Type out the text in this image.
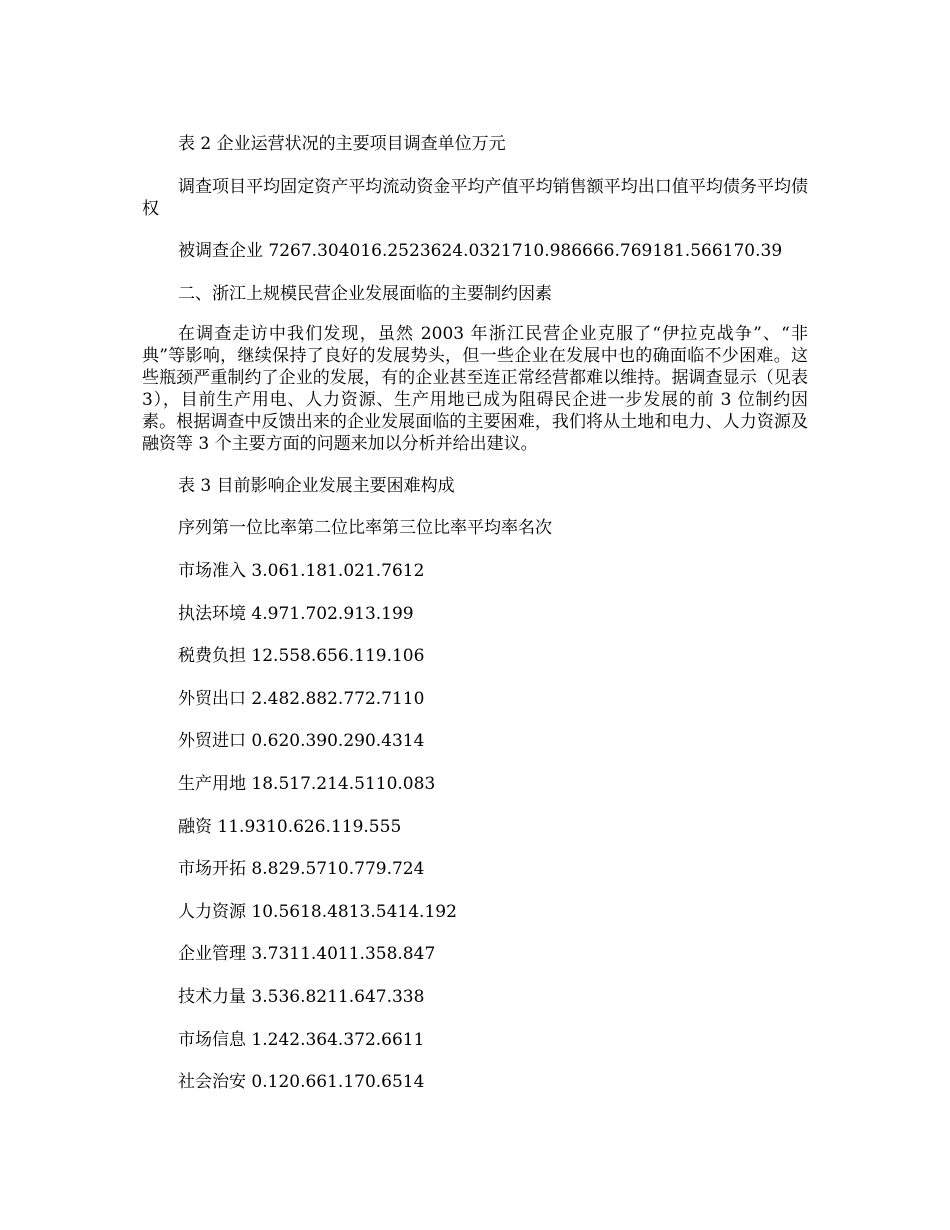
表 2 企业运营状况的主要项目调查单位万元

调查项目平均固定资产平均流动资金平均产值平均销售额平均出口值平均债务平均债权

被调查企业 7267.304016.2523624.0321710.986666.769181.566170.39

二、浙江上规模民营企业发展面临的主要制约因素

在调查走访中我们发现，虽然 2003 年浙江民营企业克服了“伊拉克战争”、“非典”等影响，继续保持了良好的发展势头，但一些企业在发展中也的确面临不少困难。这些瓶颈严重制约了企业的发展，有的企业甚至连正常经营都难以维持。据调查显示（见表 3），目前生产用电、人力资源、生产用地已成为阻碍民企进一步发展的前 3 位制约因素。根据调查中反馈出来的企业发展面临的主要困难，我们将从土地和电力、人力资源及融资等 3 个主要方面的问题来加以分析并给出建议。

表 3 目前影响企业发展主要困难构成

序列第一位比率第二位比率第三位比率平均率名次

市场准入 3.061.181.021.7612
执法环境 4.971.702.913.199
税费负担 12.558.656.119.106
外贸出口 2.482.882.772.7110
外贸进口 0.620.390.290.4314
生产用地 18.517.214.5110.083
融资 11.9310.626.119.555
市场开拓 8.829.5710.779.724
人力资源 10.5618.4813.5414.192
企业管理 3.7311.4011.358.847
技术力量 3.536.8211.647.338
市场信息 1.242.364.372.6611
社会治安 0.120.661.170.6514
